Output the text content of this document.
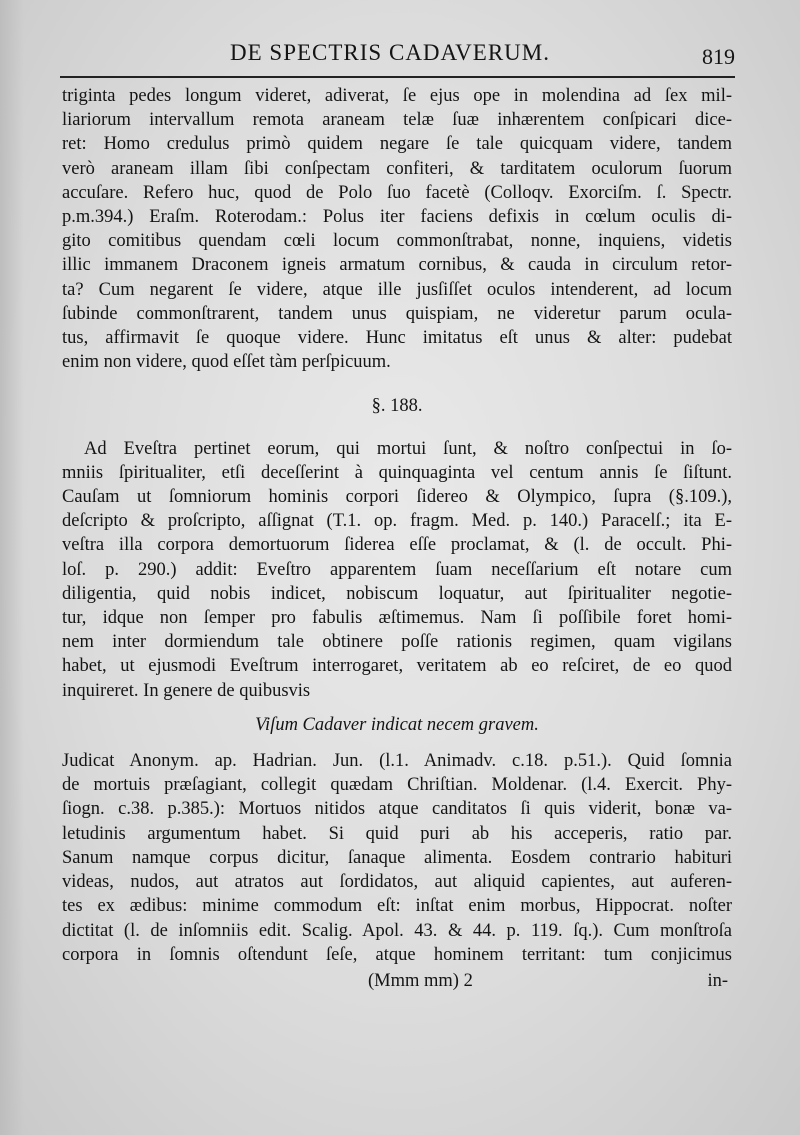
DE SPECTRIS CADAVERUM.	819
triginta pedes longum videret, adiverat, ſe ejus ope in molendina ad ſex mil-
liariorum intervallum remota araneam telæ ſuæ inhærentem conſpicari dice-
ret: Homo credulus primò quidem negare ſe tale quicquam videre, tandem
verò araneam illam ſibi conſpectam confiteri, & tarditatem oculorum ſuorum
accuſare. Refero huc, quod de Polo ſuo facetè (Colloqv. Exorciſm. ſ. Spectr.
p.m.394.) Eraſm. Roterodam.: Polus iter faciens defixis in cœlum oculis di-
gito comitibus quendam cœli locum commonſtrabat, nonne, inquiens, videtis
illic immanem Draconem igneis armatum cornibus, & cauda in circulum retor-
ta? Cum negarent ſe videre, atque ille jusſiſſet oculos intenderent, ad locum
ſubinde commonſtrarent, tandem unus quispiam, ne videretur parum ocula-
tus, affirmavit ſe quoque videre. Hunc imitatus eſt unus & alter: pudebat
enim non videre, quod eſſet tàm perſpicuum.
§. 188.
Ad Eveſtra pertinet eorum, qui mortui ſunt, & noſtro conſpectui in ſo-
mniis ſpiritualiter, etſi deceſſerint à quinquaginta vel centum annis ſe ſiſtunt.
Cauſam ut ſomniorum hominis corpori ſidereo & Olympico, ſupra (§.109.),
deſcripto & proſcripto, aſſignat (T.1. op. fragm. Med. p. 140.) Paracelſ.; ita E-
veſtra illa corpora demortuorum ſiderea eſſe proclamat, & (l. de occult. Phi-
loſ. p. 290.) addit: Eveſtro apparentem ſuam neceſſarium eſt notare cum
diligentia, quid nobis indicet, nobiscum loquatur, aut ſpiritualiter negotie-
tur, idque non ſemper pro fabulis æſtimemus. Nam ſi poſſibile foret homi-
nem inter dormiendum tale obtinere poſſe rationis regimen, quam vigilans
habet, ut ejusmodi Eveſtrum interrogaret, veritatem ab eo reſciret, de eo quod
inquireret. In genere de quibusvis
Viſum Cadaver indicat necem gravem.
Judicat Anonym. ap. Hadrian. Jun. (l.1. Animadv. c.18. p.51.). Quid ſomnia
de mortuis præſagiant, collegit quædam Chriſtian. Moldenar. (l.4. Exercit. Phy-
ſiogn. c.38. p.385.): Mortuos nitidos atque canditatos ſi quis viderit, bonæ va-
letudinis argumentum habet. Si quid puri ab his acceperis, ratio par.
Sanum namque corpus dicitur, ſanaque alimenta. Eosdem contrario habituri
videas, nudos, aut atratos aut ſordidatos, aut aliquid capientes, aut auferen-
tes ex ædibus: minime commodum eſt: inſtat enim morbus, Hippocrat. noſter
dictitat (l. de inſomniis edit. Scalig. Apol. 43. & 44. p. 119. ſq.). Cum monſtroſa
corpora in ſomnis oſtendunt ſeſe, atque hominem territant: tum conjicimus
(Mmm mm) 2	in-
